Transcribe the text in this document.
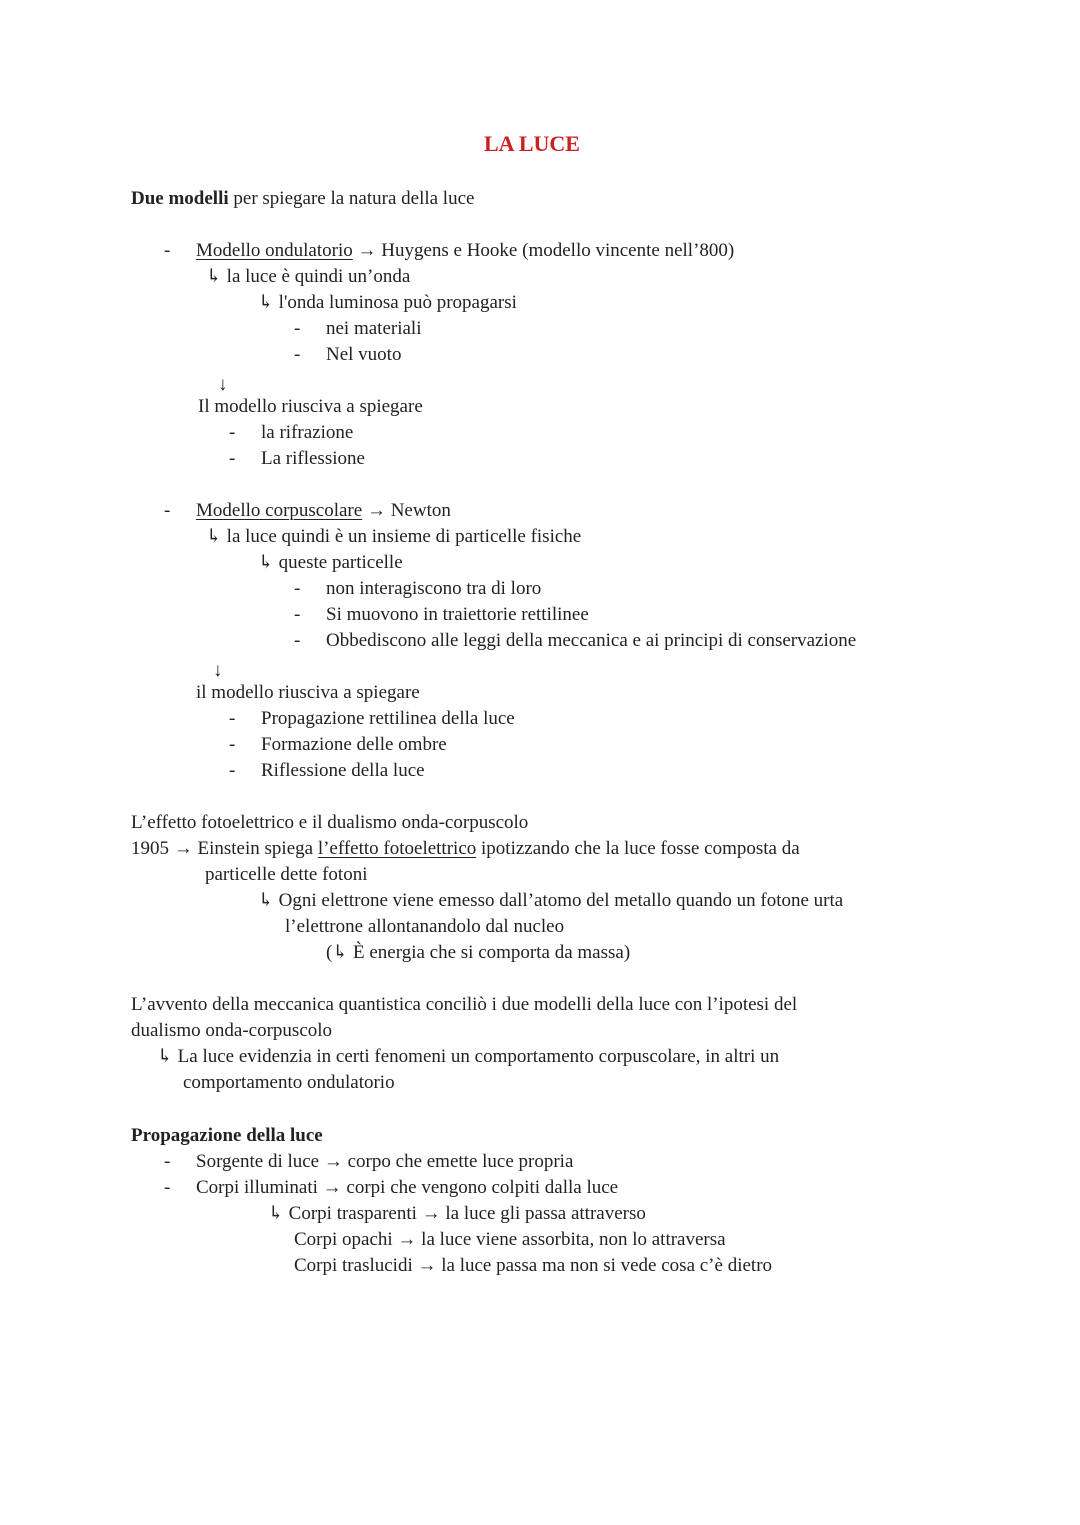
LA LUCE
Due modelli per spiegare la natura della luce
- Modello ondulatorio → Huygens e Hooke (modello vincente nell’800)
↳ la luce è quindi un’onda
↳ l'onda luminosa può propagarsi
- nei materiali
- Nel vuoto
↓
Il modello riusciva a spiegare
- la rifrazione
- La riflessione
- Modello corpuscolare → Newton
↳ la luce quindi è un insieme di particelle fisiche
↳ queste particelle
- non interagiscono tra di loro
- Si muovono in traiettorie rettilinee
- Obbediscono alle leggi della meccanica e ai principi di conservazione
↓
il modello riusciva a spiegare
- Propagazione rettilinea della luce
- Formazione delle ombre
- Riflessione della luce
L’effetto fotoelettrico e il dualismo onda-corpuscolo
1905 → Einstein spiega l’effetto fotoelettrico ipotizzando che la luce fosse composta da
particelle dette fotoni
↳ Ogni elettrone viene emesso dall’atomo del metallo quando un fotone urta
l’elettrone allontanandolo dal nucleo
(↳ È energia che si comporta da massa)
L’avvento della meccanica quantistica conciliò i due modelli della luce con l’ipotesi del
dualismo onda-corpuscolo
↳ La luce evidenzia in certi fenomeni un comportamento corpuscolare, in altri un
comportamento ondulatorio
Propagazione della luce
- Sorgente di luce → corpo che emette luce propria
- Corpi illuminati → corpi che vengono colpiti dalla luce
↳ Corpi trasparenti → la luce gli passa attraverso
Corpi opachi → la luce viene assorbita, non lo attraversa
Corpi traslucidi → la luce passa ma non si vede cosa c’è dietro
